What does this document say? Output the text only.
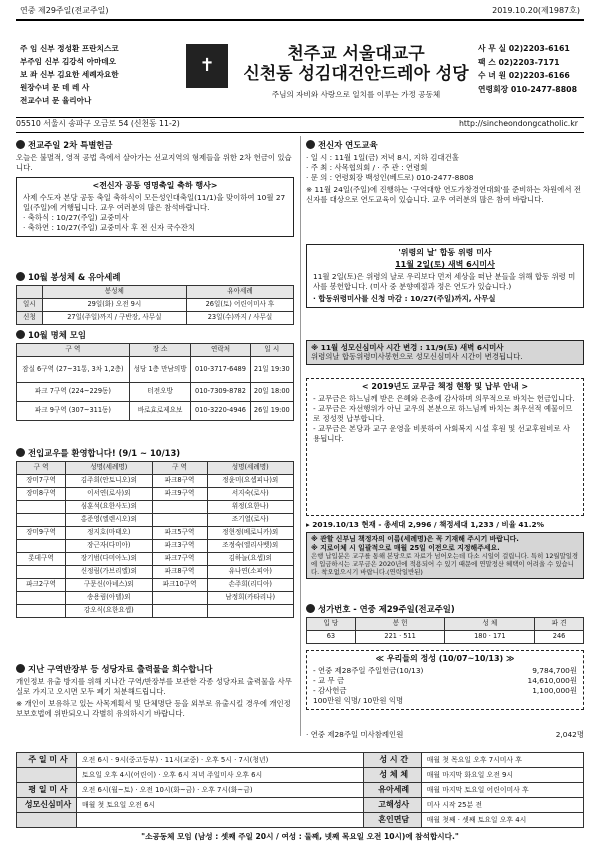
연중 제29주일(전교주일)	2019.10.20(제1987호)
주 임 신부 정성환 프란치스코
부주임 신부 김강석 아마데오
보 좌 신부 김요한 세례자요한
원장수녀 문 데 레 사
전교수녀 문 율리아나
✝
천주교 서울대교구
신천동 성김대건안드레아 성당
주님의 자비와 사랑으로 일치를 이루는 가정 공동체
사 무 실 02)2203-6161
팩 스 02)2203-7171
수 녀 원 02)2203-6166
연령회장 010-2477-8808
05510 서울시 송파구 오금로 54 (신천동 11-2)	http://sincheondongcatholic.kr
전교주일 2차 특별헌금
오늘은 불멸적, 영적 공법 측에서 살아가는 선교지역의 형제들을 위한 2차 헌금이 있습니다.
<전신자 공동 영명축일 축하 행사>
사제 수도자 본당 공동 축일 축하식이 모든성인대축일(11/1)을 맞이하여 10월 27일(주일)에 거행됩니다. 교우 여러분의 많은 참석바랍니다.
· 축하식 : 10/27(주일) 교중미사
· 축하연 : 10/27(주일) 교중미사 후 전 신자 국수잔치
10월 봉성체 & 유아세례
	봉성체	유아세례
일시	29일(화) 오전 9시	26일(토) 어린이미사 후
신청	27일(주일)까지 / 구반장, 사무실	23일(수)까지 / 사무실
10월 명체 모임
구 역	장 소	연락처	일 시
잠실 6구역 (27~31통, 3차 1,2층)	성당 1층 만남의방	010-3717-6489	21일 19:30
파크 7구역 (224~229동)	터전오방	010-7309-8782	20일 18:00
파크 9구역 (307~311동)	바로효로제요보	010-3220-4946	26일 19:00
전입교우를 환영합니다! (9/1 ~ 10/13)
구 역	성명(세례명)	구 역	성명(세례명)
장미7구역	김주희(안토니오)외	파크8구역	정윤미(요셉피나)외
장미8구역	이서연(로사)외	파크9구역	서지숙(로사)
	심훈석(요한사도)외		위정(요한나)
	홍준영(엘렌시오)외		조기열(로사)
장미9구역	정지호(마태오)	파크5구역	정현정(베로니카)외
	장근자(다미아)	파크3구역	조정숙(엘리사벳)외
롯데구역	장기범(다미아노)외	파크7구역	김하늘(요셉)외
	신정림(가브리엘)외	파크8구역	유나연(소피아)
파크2구역	구문신(아녜스)외	파크10구역	손주희(리디아)
	송용림(아델)외		남정희(카타리나)
	강오식(요한요셉)		
지난 구역반장부 등 성당자료 출력물을 회수합니다
개인정보 유출 방지를 위해 지나간 구역/반장부를 보관한 각종 성당자료 출력물을 사무실로 가지고 오시면 모두 폐기 처분해드립니다.
※ 개인이 보유하고 있는 사목계획서 및 단체명단 등을 외부로 유출시킬 경우에 개인정보보호법에 위반되오니 각별히 유의하시기 바랍니다.
전신자 연도교육
· 일 시 : 11월 1일(금) 저녁 8시, 지하 김대건홀
· 주 최 : 사목협의회 / · 주 관 : 연령회
· 문 의 : 연령회장 백성인(베드로) 010-2477-8808
※ 11월 24일(주일)에 진행하는 '구역대항 연도가창경연대회'를 준비하는 차원에서 전 신자를 대상으로 연도교육이 있습니다. 교우 여러분의 많은 참여 바랍니다.
'위령의 날' 합동 위령 미사
11월 2일(토) 새벽 6시미사
11월 2일(토)은 위령의 날로 우리보다 먼저 세상을 떠난 분들을 위해 합동 위령 미사를 봉헌합니다. (미사 중 분향예절과 정은 연도가 있습니다.)
· 합동위령미사를 신청 마감 : 10/27(주일)까지, 사무실
※ 11월 성모신심미사 시간 변경 : 11/9(토) 새벽 6시미사
위령의날 합동위령미사봉헌으로 성모신심미사 시간이 변경됩니다.
< 2019년도 교무금 책정 현황 및 납부 안내 >
- 교무금은 하느님께 받은 은혜와 은총에 감사하며 의무적으로 바치는 헌금입니다.
- 교무금은 자선행위가 아닌 교우의 본분으로 하느님께 바치는 최우선적 예물이므로 정성껏 납부합니다.
- 교무금은 본당과 교구 운영을 비롯하여 사회복지 시설 후원 및 선교후원비로 사용됩니다.
▸ 2019.10/13 현재 - 총세대 2,996 / 책정세대 1,233 / 비율 41.2%
※ 관할 신부님 책정자의 이름(세례명)은 꼭 기재해 주시기 바랍니다.
※ 지로이체 시 일괄적으로 매월 25일 이전으로 지정해주세요.
은행 납입분은 교구를 통해 본당으로 자료가 넘어오는데 다소 시일이 걸립니다. 특히 12월말일경에 입금하시는 교무금은 2020년에 적용되어 수 있기 때문에 연말정산 혜택이 어려울 수 있습니다. 착오없으시기 바랍니다.(연락일반된)
성가번호 - 연중 제29주일(전교주일)
입 당	봉 헌	성 체	파 견
63	221 · 511	180 · 171	246
≪ 우리들의 정성 (10/07~10/13) ≫
- 연중 제28주일 주일헌금(10/13)	9,784,700원
- 교 무 금	14,610,000원
- 감사헌금	1,100,000원
100만원 익명/ 10만원 익명
· 연중 제28주일 미사참례인원	2,042명
주 일 미 사	오전 6시 · 9시(중고등부) · 11시(교중) · 오후 5시 · 7시(청년)	성 시 간	매월 첫 목요일 오후 7시미사 후
	토요일 오후 4시(어린이) · 오후 6시 저녁 주일미사 오후 6시	성 체 체	매월 마지막 화요일 오전 9시
평 일 미 사	오전 6시(월~토) · 오전 10시(화~금) · 오후 7시(화~금)	유아세례	매월 마지막 토요일 어린이미사 후
성모신심미사	매월 첫 토요일 오전 6시	고해성사	미사 시작 25분 전
		혼인면담	매월 첫째 · 셋째 토요일 오후 4시
"소공동체 모임 (남성 : 셋째 주일 20시 / 여성 : 둘째, 넷째 목요일 오전 10시)에 참석합시다."
